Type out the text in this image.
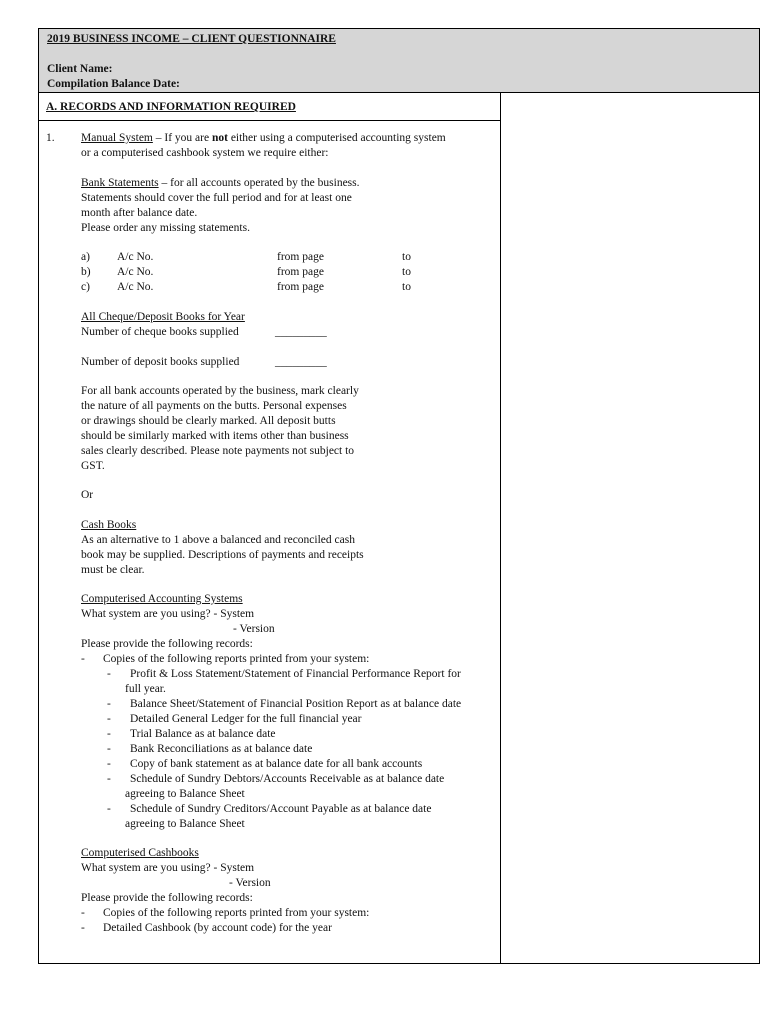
2019 BUSINESS INCOME – CLIENT QUESTIONNAIRE
Client Name:
Compilation Balance Date:
A. RECORDS AND INFORMATION REQUIRED
1. Manual System – If you are not either using a computerised accounting system
or a computerised cashbook system we require either:
Bank Statements – for all accounts operated by the business.
Statements should cover the full period and for at least one
month after balance date.
Please order any missing statements.
a) A/c No.	from page	to
b) A/c No.	from page	to
c) A/c No.	from page	to
All Cheque/Deposit Books for Year
Number of cheque books supplied	_________
Number of deposit books supplied	_________
For all bank accounts operated by the business, mark clearly
the nature of all payments on the butts. Personal expenses
or drawings should be clearly marked. All deposit butts
should be similarly marked with items other than business
sales clearly described. Please note payments not subject to
GST.
Or
Cash Books
As an alternative to 1 above a balanced and reconciled cash
book may be supplied. Descriptions of payments and receipts
must be clear.
Computerised Accounting Systems
What system are you using? - System
- Version
Please provide the following records:
- Copies of the following reports printed from your system:
- Profit & Loss Statement/Statement of Financial Performance Report for
full year.
- Balance Sheet/Statement of Financial Position Report as at balance date
- Detailed General Ledger for the full financial year
- Trial Balance as at balance date
- Bank Reconciliations as at balance date
- Copy of bank statement as at balance date for all bank accounts
- Schedule of Sundry Debtors/Accounts Receivable as at balance date
agreeing to Balance Sheet
- Schedule of Sundry Creditors/Account Payable as at balance date
agreeing to Balance Sheet
Computerised Cashbooks
What system are you using? - System
- Version
Please provide the following records:
- Copies of the following reports printed from your system:
- Detailed Cashbook (by account code) for the year
